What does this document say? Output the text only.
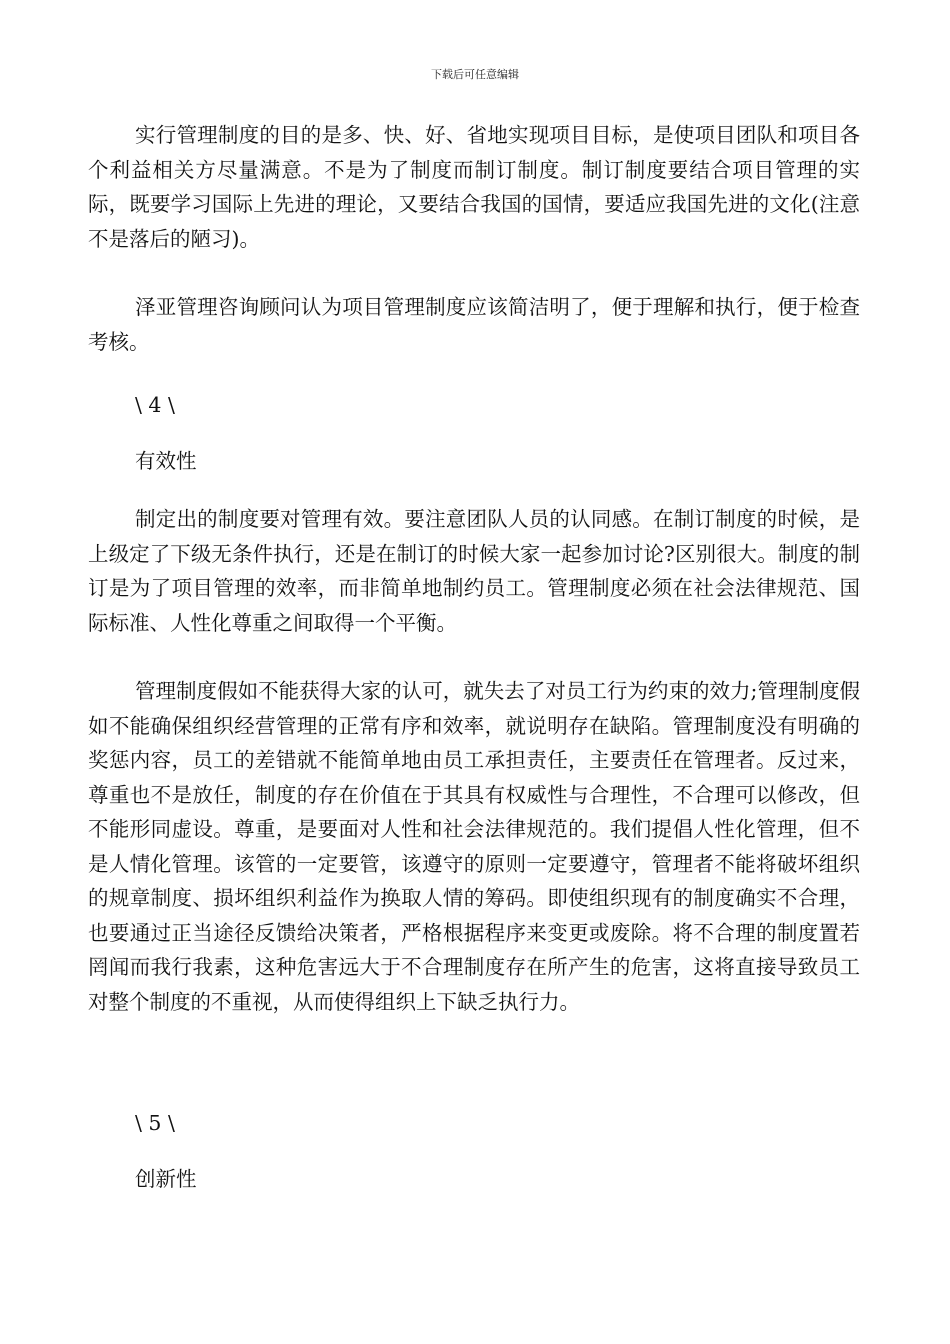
下载后可任意编辑

实行管理制度的目的是多、快、好、省地实现项目目标，是使项目团队和项目各个利益相关方尽量满意。不是为了制度而制订制度。制订制度要结合项目管理的实际，既要学习国际上先进的理论，又要结合我国的国情，要适应我国先进的文化(注意不是落后的陋习)。

泽亚管理咨询顾问认为项目管理制度应该简洁明了，便于理解和执行，便于检查考核。

\ 4 \

有效性

制定出的制度要对管理有效。要注意团队人员的认同感。在制订制度的时候，是上级定了下级无条件执行，还是在制订的时候大家一起参加讨论?区别很大。制度的制订是为了项目管理的效率，而非简单地制约员工。管理制度必须在社会法律规范、国际标准、人性化尊重之间取得一个平衡。

管理制度假如不能获得大家的认可，就失去了对员工行为约束的效力;管理制度假如不能确保组织经营管理的正常有序和效率，就说明存在缺陷。管理制度没有明确的奖惩内容，员工的差错就不能简单地由员工承担责任，主要责任在管理者。反过来，尊重也不是放任，制度的存在价值在于其具有权威性与合理性，不合理可以修改，但不能形同虚设。尊重，是要面对人性和社会法律规范的。我们提倡人性化管理，但不是人情化管理。该管的一定要管，该遵守的原则一定要遵守，管理者不能将破坏组织的规章制度、损坏组织利益作为换取人情的筹码。即使组织现有的制度确实不合理，也要通过正当途径反馈给决策者，严格根据程序来变更或废除。将不合理的制度置若罔闻而我行我素，这种危害远大于不合理制度存在所产生的危害，这将直接导致员工对整个制度的不重视，从而使得组织上下缺乏执行力。

\ 5 \

创新性
